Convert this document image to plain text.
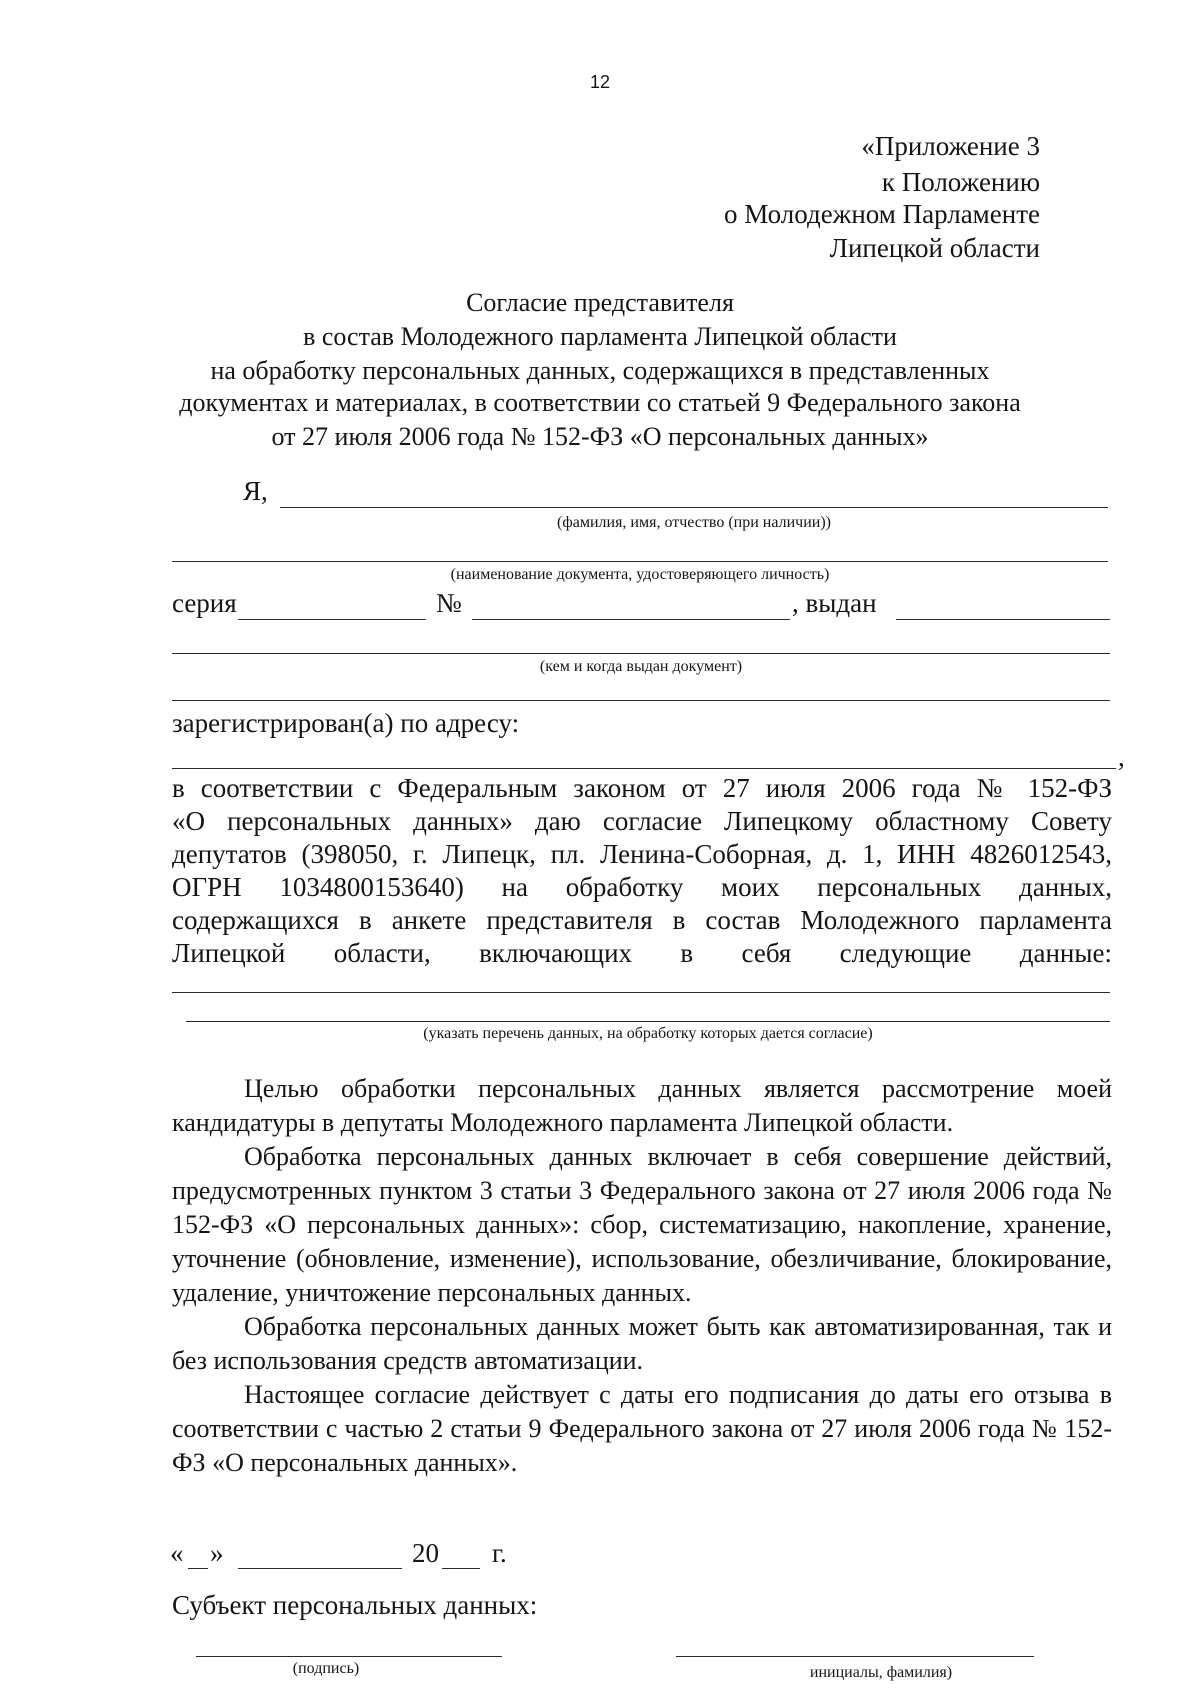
12
«Приложение 3
к Положению
о Молодежном Парламенте
Липецкой области
Согласие представителя
в состав Молодежного парламента Липецкой области
на обработку персональных данных, содержащихся в представленных
документах и материалах, в соответствии со статьей 9 Федерального закона
от 27 июля 2006 года № 152-ФЗ «О персональных данных»
Я,
(фамилия, имя, отчество (при наличии))
(наименование документа, удостоверяющего личность)
серия	№	, выдан
(кем и когда выдан документ)
зарегистрирован(а) по адресу:
,
в соответствии с Федеральным законом от 27 июля 2006 года № 152-ФЗ
«О персональных данных» даю согласие Липецкому областному Совету
депутатов (398050, г. Липецк, пл. Ленина-Соборная, д. 1, ИНН 4826012543,
ОГРН 1034800153640) на обработку моих персональных данных,
содержащихся в анкете представителя в состав Молодежного парламента
Липецкой области, включающих в себя следующие данные:
(указать перечень данных, на обработку которых дается согласие)

Целью обработки персональных данных является рассмотрение моей кандидатуры в депутаты Молодежного парламента Липецкой области.

Обработка персональных данных включает в себя совершение действий, предусмотренных пунктом 3 статьи 3 Федерального закона от 27 июля 2006 года № 152-ФЗ «О персональных данных»: сбор, систематизацию, накопление, хранение, уточнение (обновление, изменение), использование, обезличивание, блокирование, удаление, уничтожение персональных данных.

Обработка персональных данных может быть как автоматизированная, так и без использования средств автоматизации.

Настоящее согласие действует с даты его подписания до даты его отзыва в соответствии с частью 2 статьи 9 Федерального закона от 27 июля 2006 года № 152-ФЗ «О персональных данных».

« »	20 г.
Субъект персональных данных:
(подпись)	инициалы, фамилия)
